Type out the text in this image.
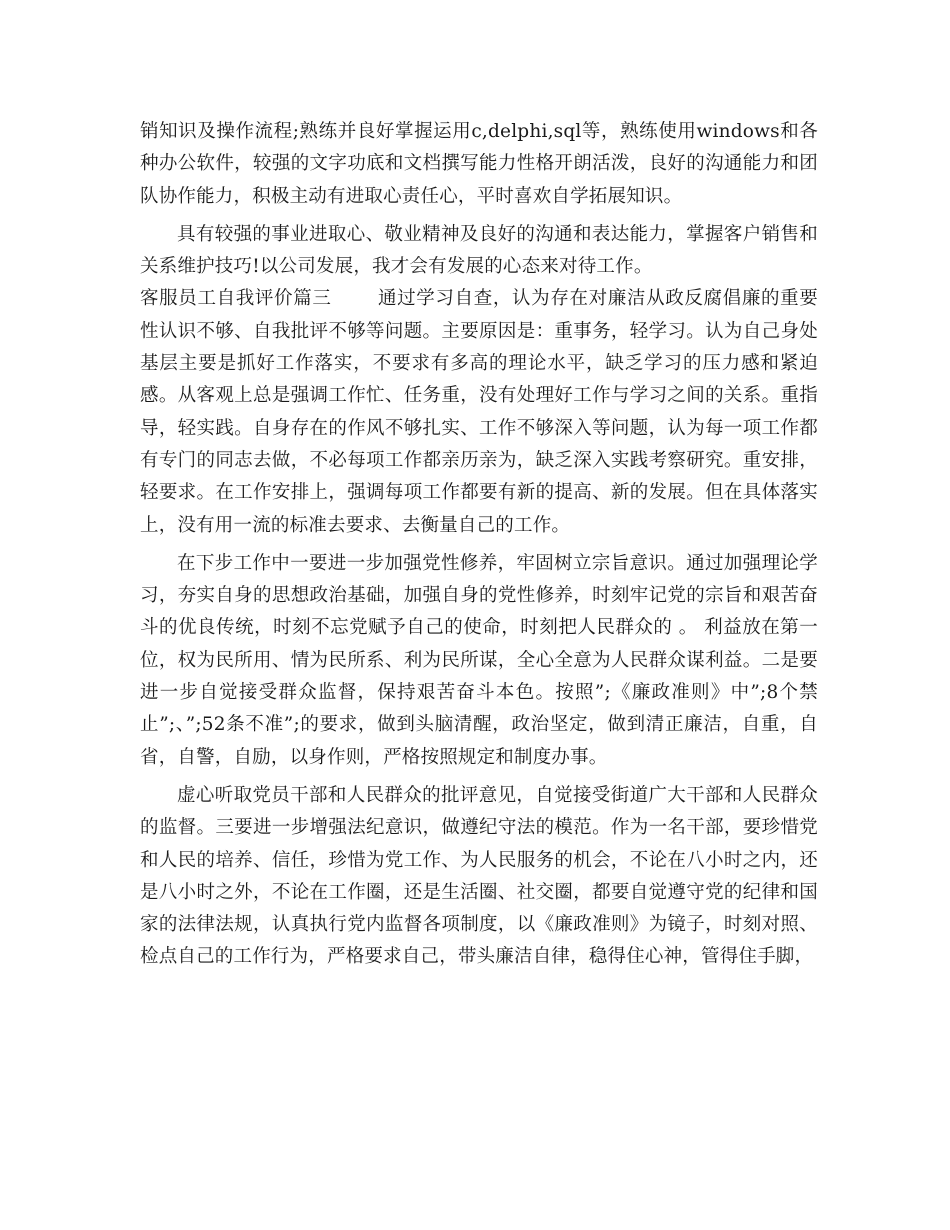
销知识及操作流程;熟练并良好掌握运用c,delphi,sql等，熟练使用windows和各种办公软件，较强的文字功底和文档撰写能力性格开朗活泼，良好的沟通能力和团队协作能力，积极主动有进取心责任心，平时喜欢自学拓展知识。

具有较强的事业进取心、敬业精神及良好的沟通和表达能力，掌握客户销售和关系维护技巧!以公司发展，我才会有发展的心态来对待工作。

客服员工自我评价篇三 通过学习自查，认为存在对廉洁从政反腐倡廉的重要性认识不够、自我批评不够等问题。主要原因是：重事务，轻学习。认为自己身处基层主要是抓好工作落实，不要求有多高的理论水平，缺乏学习的压力感和紧迫感。从客观上总是强调工作忙、任务重，没有处理好工作与学习之间的关系。重指导，轻实践。自身存在的作风不够扎实、工作不够深入等问题，认为每一项工作都有专门的同志去做，不必每项工作都亲历亲为，缺乏深入实践考察研究。重安排，轻要求。在工作安排上，强调每项工作都要有新的提高、新的发展。但在具体落实上，没有用一流的标准去要求、去衡量自己的工作。

在下步工作中一要进一步加强党性修养，牢固树立宗旨意识。通过加强理论学习，夯实自身的思想政治基础，加强自身的党性修养，时刻牢记党的宗旨和艰苦奋斗的优良传统，时刻不忘党赋予自己的使命，时刻把人民群众的 。 利益放在第一位，权为民所用、情为民所系、利为民所谋，全心全意为人民群众谋利益。二是要进一步自觉接受群众监督，保持艰苦奋斗本色。按照”;《廉政准则》中”;8个禁止”;、”;52条不准”;的要求，做到头脑清醒，政治坚定，做到清正廉洁，自重，自省，自警，自励，以身作则，严格按照规定和制度办事。

虚心听取党员干部和人民群众的批评意见，自觉接受街道广大干部和人民群众的监督。三要进一步增强法纪意识，做遵纪守法的模范。作为一名干部，要珍惜党和人民的培养、信任，珍惜为党工作、为人民服务的机会，不论在八小时之内，还是八小时之外，不论在工作圈，还是生活圈、社交圈，都要自觉遵守党的纪律和国家的法律法规，认真执行党内监督各项制度，以《廉政准则》为镜子，时刻对照、检点自己的工作行为，严格要求自己，带头廉洁自律，稳得住心神，管得住手脚，
